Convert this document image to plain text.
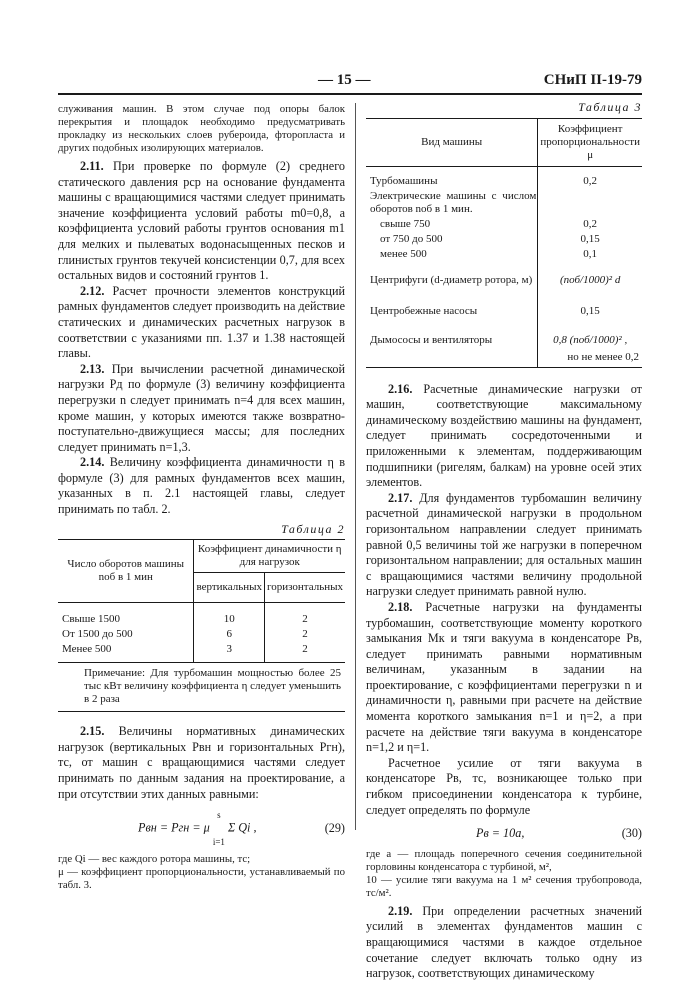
— 15 —	СНиП II-19-79

служивания машин. В этом случае под опоры балок перекрытия и площадок необходимо предусматривать прокладку из нескольких слоев рубероида, фторопласта и других подобных изолирующих материалов.

2.11. При проверке по формуле (2) среднего статического давления pср на основание фундамента машины с вращающимися частями следует принимать значение коэффициента условий работы m0=0,8, а коэффициента условий работы грунтов основания m1 для мелких и пылеватых водонасыщенных песков и глинистых грунтов текучей консистенции 0,7, для всех остальных видов и состояний грунтов 1.

2.12. Расчет прочности элементов конструкций рамных фундаментов следует производить на действие статических и динамических расчетных нагрузок в соответствии с указаниями пп. 1.37 и 1.38 настоящей главы.

2.13. При вычислении расчетной динамической нагрузки Pд по формуле (3) величину коэффициента перегрузки n следует принимать n=4 для всех машин, кроме машин, у которых имеются также возвратно-поступательно-движущиеся массы; для последних следует принимать n=1,3.

2.14. Величину коэффициента динамичности η в формуле (3) для рамных фундаментов всех машин, указанных в п. 2.1 настоящей главы, следует принимать по табл. 2.

Таблица 2
Число оборотов машины nоб в 1 мин	Коэффициент динамичности η для нагрузок	
	вертикальных	горизонтальных
Свыше 1500	10	2
От 1500 до 500	6	2
Менее 500	3	2
Примечание: Для турбомашин мощностью более 25 тыс кВт величину коэффициента η следует уменьшить в 2 раза		

2.15. Величины нормативных динамических нагрузок (вертикальных Pвн и горизонтальных Pгн), тс, от машин с вращающимися частями следует принимать по данным задания на проектирование, а при отсутствии этих данных равными:

Pвн = Pгн = μ
s
i=1
Σ Qi ,	(29)

где Qi — вес каждого ротора машины, тс;

μ — коэффициент пропорциональности, устанавливаемый по табл. 3.

Таблица 3
Вид машины	Коэффициент пропорциональности μ
Турбомашины	0,2
Электрические машины с числом оборотов nоб в 1 мин.	
свыше 750	0,2
от 750 до 500	0,15
менее 500	0,1
Центрифуги (d-диаметр ротора, м)	(nоб/1000)² d
Центробежные насосы	0,15
Дымососы и вентиляторы	0,8 (nоб/1000)² ,
	но не менее 0,2

2.16. Расчетные динамические нагрузки от машин, соответствующие максимальному динамическому воздействию машины на фундамент, следует принимать сосредоточенными и приложенными к элементам, поддерживающим подшипники (ригелям, балкам) на уровне осей этих элементов.

2.17. Для фундаментов турбомашин величину расчетной динамической нагрузки в продольном горизонтальном направлении следует принимать равной 0,5 величины той же нагрузки в поперечном горизонтальном направлении; для остальных машин с вращающимися частями величину продольной нагрузки следует принимать равной нулю.

2.18. Расчетные нагрузки на фундаменты турбомашин, соответствующие моменту короткого замыкания Mк и тяги вакуума в конденсаторе Pв, следует принимать равными нормативным величинам, указанным в задании на проектирование, с коэффициентами перегрузки n и динамичности η, равными при расчете на действие момента короткого замыкания n=1 и η=2, а при расчете на действие тяги вакуума в конденсаторе n=1,2 и η=1.

Расчетное усилие от тяги вакуума в конденсаторе Pв, тс, возникающее только при гибком присоединении конденсатора к турбине, следует определять по формуле

Pв = 10a,	(30)

где a — площадь поперечного сечения соединительной горловины конденсатора с турбиной, м²,

10 — усилие тяги вакуума на 1 м² сечения трубопровода, тс/м².

2.19. При определении расчетных значений усилий в элементах фундаментов машин с вращающимися частями в каждое отдельное сочетание следует включать только одну из нагрузок, соответствующих динамическому
